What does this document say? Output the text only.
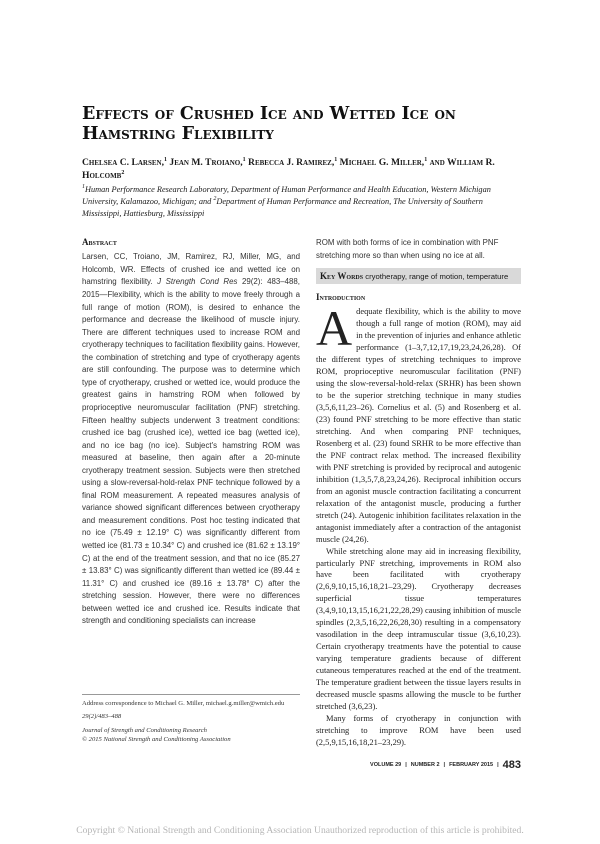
Effects of Crushed Ice and Wetted Ice on Hamstring Flexibility
Chelsea C. Larsen,$^1$ Jean M. Troiano,$^1$ Rebecca J. Ramirez,$^1$ Michael G. Miller,$^1$ and William R. Holcomb$^2$
$^1$Human Performance Research Laboratory, Department of Human Performance and Health Education, Western Michigan University, Kalamazoo, Michigan; and $^2$Department of Human Performance and Recreation, The University of Southern Mississippi, Hattiesburg, Mississippi
Abstract
Larsen, CC, Troiano, JM, Ramirez, RJ, Miller, MG, and Holcomb, WR. Effects of crushed ice and wetted ice on hamstring flexibility. J Strength Cond Res 29(2): 483–488, 2015—Flexibility, which is the ability to move freely through a full range of motion (ROM), is desired to enhance the performance and decrease the likelihood of muscle injury. There are different techniques used to increase ROM and cryotherapy techniques to facilitation flexibility gains. However, the combination of stretching and type of cryotherapy agents are still confounding. The purpose was to determine which type of cryotherapy, crushed or wetted ice, would produce the greatest gains in hamstring ROM when followed by proprioceptive neuromuscular facilitation (PNF) stretching. Fifteen healthy subjects underwent 3 treatment conditions: crushed ice bag (crushed ice), wetted ice bag (wetted ice), and no ice bag (no ice). Subject's hamstring ROM was measured at baseline, then again after a 20-minute cryotherapy treatment session. Subjects were then stretched using a slow-reversal-hold-relax PNF technique followed by a final ROM measurement. A repeated measures analysis of variance showed significant differences between cryotherapy and measurement conditions. Post hoc testing indicated that no ice (75.49 ± 12.19° C) was significantly different from wetted ice (81.73 ± 10.34° C) and crushed ice (81.62 ± 13.19° C) at the end of the treatment session, and that no ice (85.27 ± 13.83° C) was significantly different than wetted ice (89.44 ± 11.31° C) and crushed ice (89.16 ± 13.78° C) after the stretching session. However, there were no differences between wetted ice and crushed ice. Results indicate that strength and conditioning specialists can increase
Address correspondence to Michael G. Miller, michael.g.miller@wmich.edu
29(2)/483–488
Journal of Strength and Conditioning Research
© 2015 National Strength and Conditioning Association
ROM with both forms of ice in combination with PNF stretching more so than when using no ice at all.
Key Words cryotherapy, range of motion, temperature
Introduction

Adequate flexibility, which is the ability to move though a full range of motion (ROM), may aid in the prevention of injuries and enhance athletic performance (1–3,7,12,17,19,23,24,26,28). Of the different types of stretching techniques to improve ROM, proprioceptive neuromuscular facilitation (PNF) using the slow-reversal-hold-relax (SRHR) has been shown to be the superior stretching technique in many studies (3,5,6,11,23–26). Cornelius et al. (5) and Rosenberg et al. (23) found PNF stretching to be more effective than static stretching. And when comparing PNF techniques, Rosenberg et al. (23) found SRHR to be more effective than the PNF contract relax method. The increased flexibility with PNF stretching is provided by reciprocal and autogenic inhibition (1,3,5,7,8,23,24,26). Reciprocal inhibition occurs from an agonist muscle contraction facilitating a concurrent relaxation of the antagonist muscle, producing a further stretch (24). Autogenic inhibition facilitates relaxation in the antagonist immediately after a contraction of the antagonist muscle (24,26).

While stretching alone may aid in increasing flexibility, particularly PNF stretching, improvements in ROM also have been facilitated with cryotherapy (2,6,9,10,15,16,18,21–23,29). Cryotherapy decreases superficial tissue temperatures (3,4,9,10,13,15,16,21,22,28,29) causing inhibition of muscle spindles (2,3,5,16,22,26,28,30) resulting in a compensatory vasodilation in the deep intramuscular tissue (3,6,10,23). Certain cryotherapy treatments have the potential to cause varying temperature gradients because of different cutaneous temperatures reached at the end of the treatment. The temperature gradient between the tissue layers results in decreased muscle spasms allowing the muscle to be further stretched (3,6,23).

Many forms of cryotherapy in conjunction with stretching to improve ROM have been used (2,5,9,15,16,18,21–23,29).

VOLUME 29 | NUMBER 2 | FEBRUARY 2015 | 483
Copyright © National Strength and Conditioning Association Unauthorized reproduction of this article is prohibited.
